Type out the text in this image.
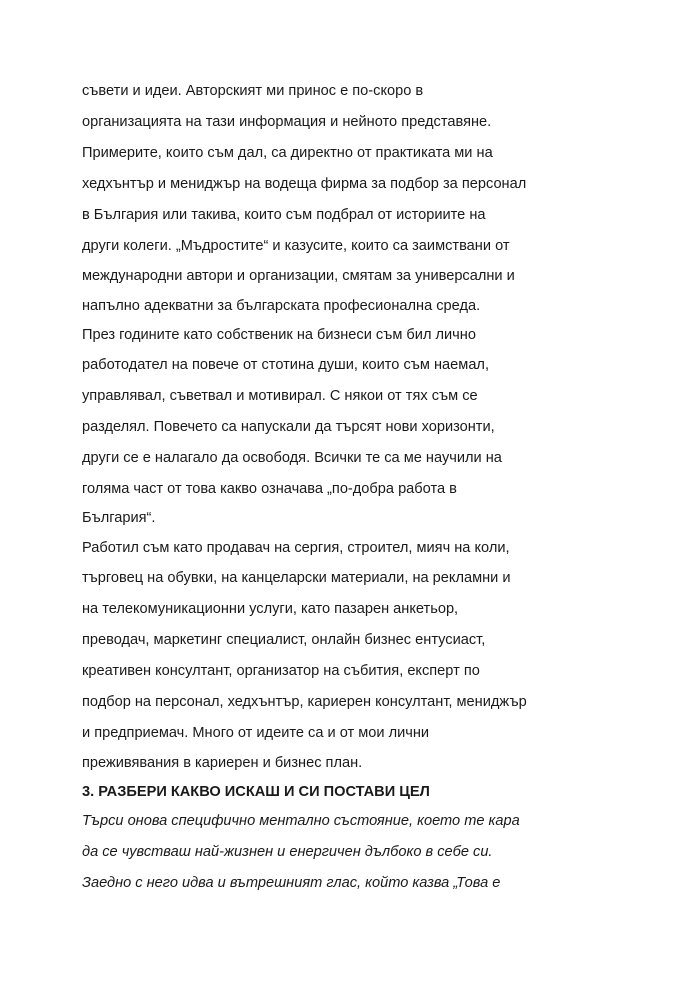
съвети и идеи. Авторският ми принос е по-скоро в
организацията на тази информация и нейното представяне.
Примерите, които съм дал, са директно от практиката ми на
хедхънтър и мениджър на водеща фирма за подбор за персонал
в България или такива, които съм подбрал от историите на
други колеги. „Мъдростите“ и казусите, които са заимствани от
международни автори и организации, смятам за универсални и
напълно адекватни за българската професионална среда.
През годините като собственик на бизнеси съм бил лично
работодател на повече от стотина души, които съм наемал,
управлявал, съветвал и мотивирал. С някои от тях съм се
разделял. Повечето са напускали да търсят нови хоризонти,
други се е налагало да освободя. Всички те са ме научили на
голяма част от това какво означава „по-добра работа в
България“.
Работил съм като продавач на сергия, строител, мияч на коли,
търговец на обувки, на канцеларски материали, на рекламни и
на телекомуникационни услуги, като пазарен анкетьор,
преводач, маркетинг специалист, онлайн бизнес ентусиаст,
креативен консултант, организатор на събития, експерт по
подбор на персонал, хедхънтър, кариерен консултант, мениджър
и предприемач. Много от идеите са и от мои лични
преживявания в кариерен и бизнес план.
3. РАЗБЕРИ КАКВО ИСКАШ И СИ ПОСТАВИ ЦЕЛ
Търси онова специфично ментално състояние, което те кара
да се чувстваш най-жизнен и енергичен дълбоко в себе си.
Заедно с него идва и вътрешният глас, който казва „Това е
